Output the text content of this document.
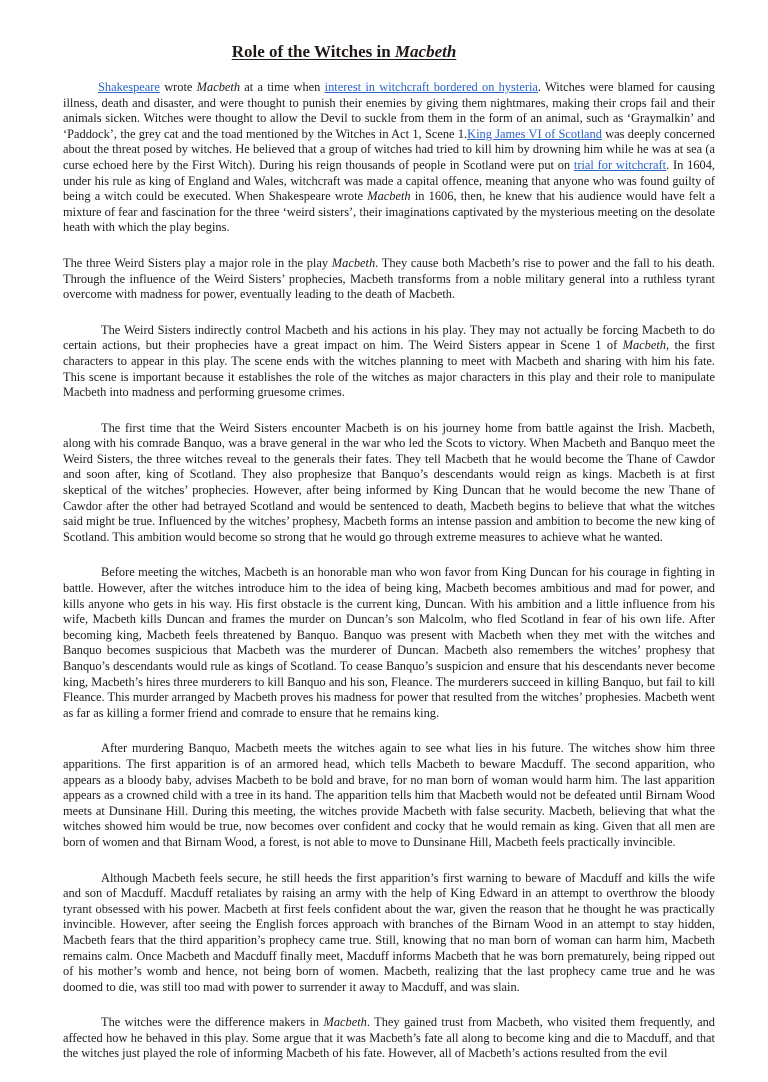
Role of the Witches in Macbeth

Shakespeare wrote Macbeth at a time when interest in witchcraft bordered on hysteria. Witches were blamed for causing illness, death and disaster, and were thought to punish their enemies by giving them nightmares, making their crops fail and their animals sicken. Witches were thought to allow the Devil to suckle from them in the form of an animal, such as ‘Graymalkin’ and ‘Paddock’, the grey cat and the toad mentioned by the Witches in Act 1, Scene 1.King James VI of Scotland was deeply concerned about the threat posed by witches. He believed that a group of witches had tried to kill him by drowning him while he was at sea (a curse echoed here by the First Witch). During his reign thousands of people in Scotland were put on trial for witchcraft. In 1604, under his rule as king of England and Wales, witchcraft was made a capital offence, meaning that anyone who was found guilty of being a witch could be executed. When Shakespeare wrote Macbeth in 1606, then, he knew that his audience would have felt a mixture of fear and fascination for the three ‘weird sisters’, their imaginations captivated by the mysterious meeting on the desolate heath with which the play begins.

The three Weird Sisters play a major role in the play Macbeth. They cause both Macbeth’s rise to power and the fall to his death. Through the influence of the Weird Sisters’ prophecies, Macbeth transforms from a noble military general into a ruthless tyrant overcome with madness for power, eventually leading to the death of Macbeth.

The Weird Sisters indirectly control Macbeth and his actions in his play. They may not actually be forcing Macbeth to do certain actions, but their prophecies have a great impact on him. The Weird Sisters appear in Scene 1 of Macbeth, the first characters to appear in this play. The scene ends with the witches planning to meet with Macbeth and sharing with him his fate. This scene is important because it establishes the role of the witches as major characters in this play and their role to manipulate Macbeth into madness and performing gruesome crimes.

The first time that the Weird Sisters encounter Macbeth is on his journey home from battle against the Irish. Macbeth, along with his comrade Banquo, was a brave general in the war who led the Scots to victory. When Macbeth and Banquo meet the Weird Sisters, the three witches reveal to the generals their fates. They tell Macbeth that he would become the Thane of Cawdor and soon after, king of Scotland. They also prophesize that Banquo’s descendants would reign as kings. Macbeth is at first skeptical of the witches’ prophecies. However, after being informed by King Duncan that he would become the new Thane of Cawdor after the other had betrayed Scotland and would be sentenced to death, Macbeth begins to believe that what the witches said might be true. Influenced by the witches’ prophesy, Macbeth forms an intense passion and ambition to become the new king of Scotland. This ambition would become so strong that he would go through extreme measures to achieve what he wanted.

Before meeting the witches, Macbeth is an honorable man who won favor from King Duncan for his courage in fighting in battle. However, after the witches introduce him to the idea of being king, Macbeth becomes ambitious and mad for power, and kills anyone who gets in his way. His first obstacle is the current king, Duncan. With his ambition and a little influence from his wife, Macbeth kills Duncan and frames the murder on Duncan’s son Malcolm, who fled Scotland in fear of his own life. After becoming king, Macbeth feels threatened by Banquo. Banquo was present with Macbeth when they met with the witches and Banquo becomes suspicious that Macbeth was the murderer of Duncan. Macbeth also remembers the witches’ prophesy that Banquo’s descendants would rule as kings of Scotland. To cease Banquo’s suspicion and ensure that his descendants never become king, Macbeth’s hires three murderers to kill Banquo and his son, Fleance. The murderers succeed in killing Banquo, but fail to kill Fleance. This murder arranged by Macbeth proves his madness for power that resulted from the witches’ prophesies. Macbeth went as far as killing a former friend and comrade to ensure that he remains king.

After murdering Banquo, Macbeth meets the witches again to see what lies in his future. The witches show him three apparitions. The first apparition is of an armored head, which tells Macbeth to beware Macduff. The second apparition, who appears as a bloody baby, advises Macbeth to be bold and brave, for no man born of woman would harm him. The last apparition appears as a crowned child with a tree in its hand. The apparition tells him that Macbeth would not be defeated until Birnam Wood meets at Dunsinane Hill. During this meeting, the witches provide Macbeth with false security. Macbeth, believing that what the witches showed him would be true, now becomes over confident and cocky that he would remain as king. Given that all men are born of women and that Birnam Wood, a forest, is not able to move to Dunsinane Hill, Macbeth feels practically invincible.

Although Macbeth feels secure, he still heeds the first apparition’s first warning to beware of Macduff and kills the wife and son of Macduff. Macduff retaliates by raising an army with the help of King Edward in an attempt to overthrow the bloody tyrant obsessed with his power. Macbeth at first feels confident about the war, given the reason that he thought he was practically invincible. However, after seeing the English forces approach with branches of the Birnam Wood in an attempt to stay hidden, Macbeth fears that the third apparition’s prophecy came true. Still, knowing that no man born of woman can harm him, Macbeth remains calm. Once Macbeth and Macduff finally meet, Macduff informs Macbeth that he was born prematurely, being ripped out of his mother’s womb and hence, not being born of women. Macbeth, realizing that the last prophecy came true and he was doomed to die, was still too mad with power to surrender it away to Macduff, and was slain.

The witches were the difference makers in Macbeth. They gained trust from Macbeth, who visited them frequently, and affected how he behaved in this play. Some argue that it was Macbeth’s fate all along to become king and die to Macduff, and that the witches just played the role of informing Macbeth of his fate. However, all of Macbeth’s actions resulted from the evil
